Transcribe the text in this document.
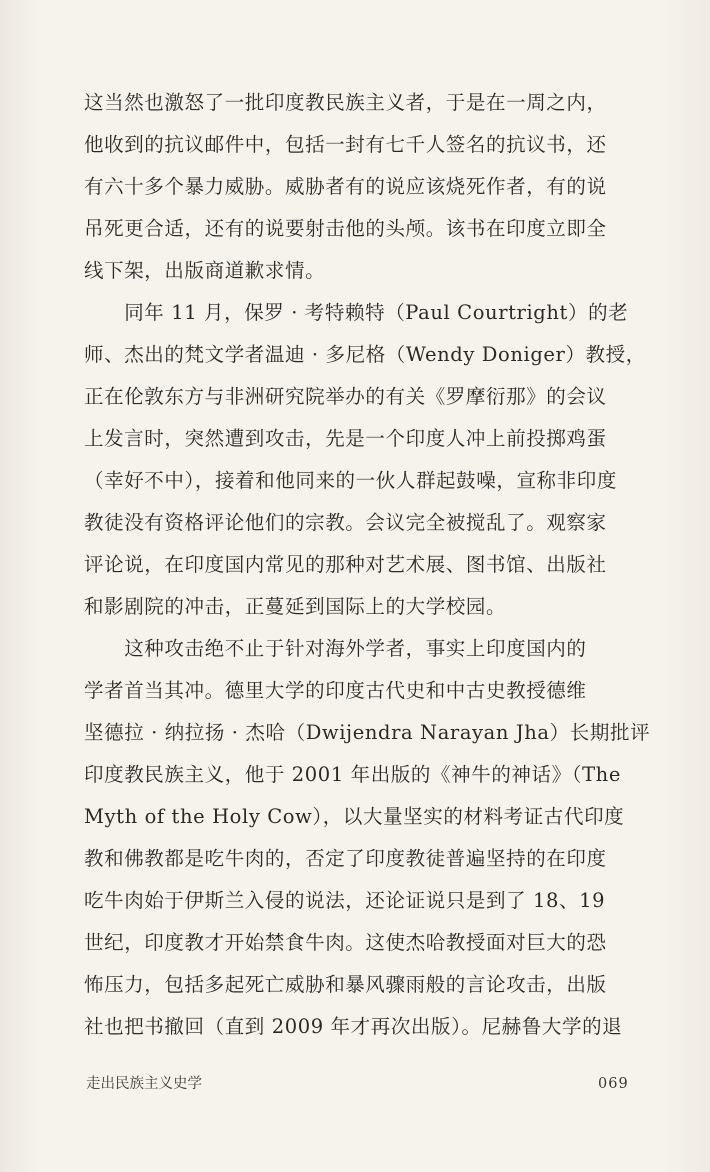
这当然也激怒了一批印度教民族主义者，于是在一周之内，
他收到的抗议邮件中，包括一封有七千人签名的抗议书，还
有六十多个暴力威胁。威胁者有的说应该烧死作者，有的说
吊死更合适，还有的说要射击他的头颅。该书在印度立即全
线下架，出版商道歉求情。

　　同年 11 月，保罗 · 考特赖特（Paul Courtright）的老
师、杰出的梵文学者温迪 · 多尼格（Wendy Doniger）教授，
正在伦敦东方与非洲研究院举办的有关《罗摩衍那》的会议
上发言时，突然遭到攻击，先是一个印度人冲上前投掷鸡蛋
（幸好不中），接着和他同来的一伙人群起鼓噪，宣称非印度
教徒没有资格评论他们的宗教。会议完全被搅乱了。观察家
评论说，在印度国内常见的那种对艺术展、图书馆、出版社
和影剧院的冲击，正蔓延到国际上的大学校园。

　　这种攻击绝不止于针对海外学者，事实上印度国内的
学者首当其冲。德里大学的印度古代史和中古史教授德维
坚德拉 · 纳拉扬 · 杰哈（Dwijendra Narayan Jha）长期批评
印度教民族主义，他于 2001 年出版的《神牛的神话》（The
Myth of the Holy Cow），以大量坚实的材料考证古代印度
教和佛教都是吃牛肉的，否定了印度教徒普遍坚持的在印度
吃牛肉始于伊斯兰入侵的说法，还论证说只是到了 18、19
世纪，印度教才开始禁食牛肉。这使杰哈教授面对巨大的恐
怖压力，包括多起死亡威胁和暴风骤雨般的言论攻击，出版
社也把书撤回（直到 2009 年才再次出版）。尼赫鲁大学的退

走出民族主义史学	069
